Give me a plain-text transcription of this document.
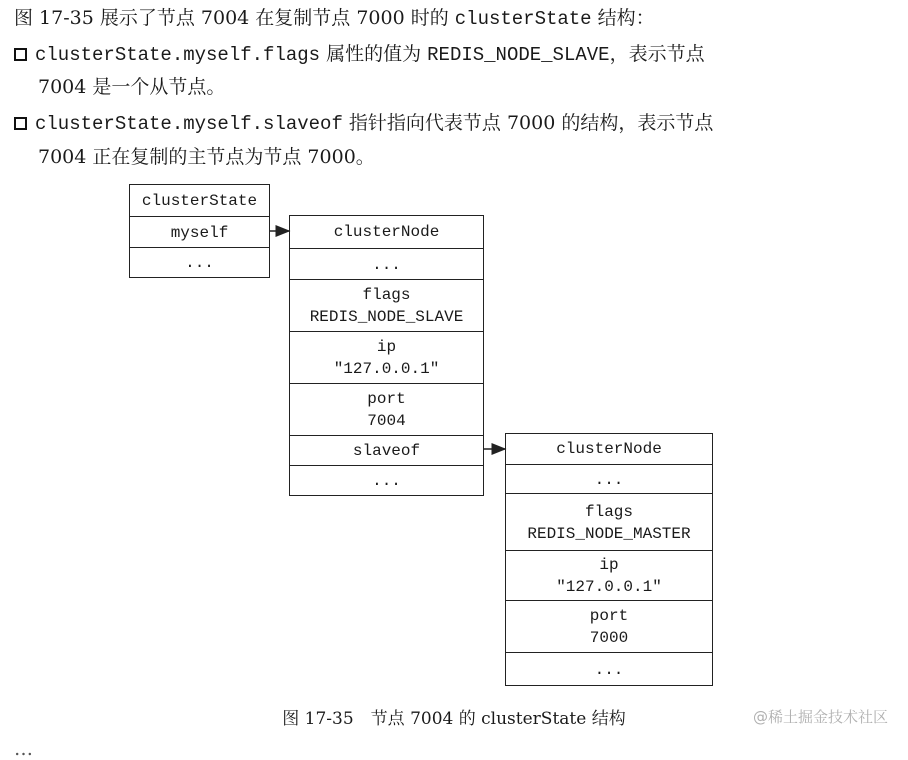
图 17-35 展示了节点 7004 在复制节点 7000 时的 clusterState 结构：
clusterState.myself.flags 属性的值为 REDIS_NODE_SLAVE，表示节点
7004 是一个从节点。
clusterState.myself.slaveof 指针指向代表节点 7000 的结构，表示节点
7004 正在复制的主节点为节点 7000。
clusterState
myself
...
clusterNode
...
flags
REDIS_NODE_SLAVE
ip
"127.0.0.1"
port
7004
slaveof
...
clusterNode
...
flags
REDIS_NODE_MASTER
ip
"127.0.0.1"
port
7000
...
图 17-35　节点 7004 的 clusterState 结构	@稀土掘金技术社区
…
